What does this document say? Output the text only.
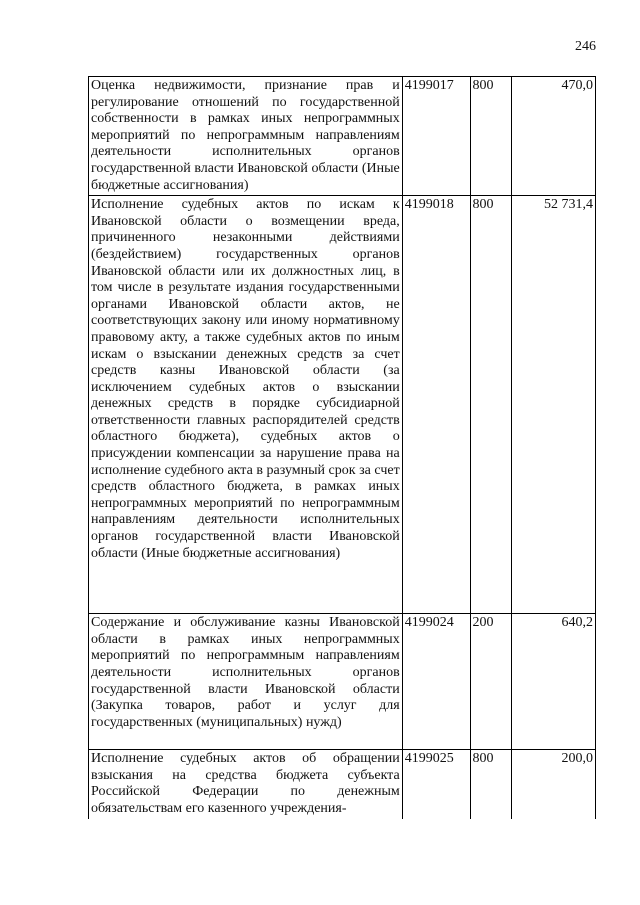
246
Оценка недвижимости, признание прав и регулирование отношений по государственной собственности в рамках иных непрограммных мероприятий по непрограммным направлениям деятельности исполнительных органов государственной власти Ивановской области (Иные бюджетные ассигнования)	4199017	800	470,0
Исполнение судебных актов по искам к Ивановской области о возмещении вреда, причиненного незаконными действиями (бездействием) государственных органов Ивановской области или их должностных лиц, в том числе в результате издания государственными органами Ивановской области актов, не соответствующих закону или иному нормативному правовому акту, а также судебных актов по иным искам о взыскании денежных средств за счет средств казны Ивановской области (за исключением судебных актов о взыскании денежных средств в порядке субсидиарной ответственности главных распорядителей средств областного бюджета), судебных актов о присуждении компенсации за нарушение права на исполнение судебного акта в разумный срок за счет средств областного бюджета, в рамках иных непрограммных мероприятий по непрограммным направлениям деятельности исполнительных органов государственной власти Ивановской области (Иные бюджетные ассигнования)	4199018	800	52 731,4
Содержание и обслуживание казны Ивановской области в рамках иных непрограммных мероприятий по непрограммным направлениям деятельности исполнительных органов государственной власти Ивановской области (Закупка товаров, работ и услуг для государственных (муниципальных) нужд)	4199024	200	640,2
Исполнение судебных актов об обращении взыскания на средства бюджета субъекта Российской Федерации по денежным обязательствам его казенного учреждения-	4199025	800	200,0
